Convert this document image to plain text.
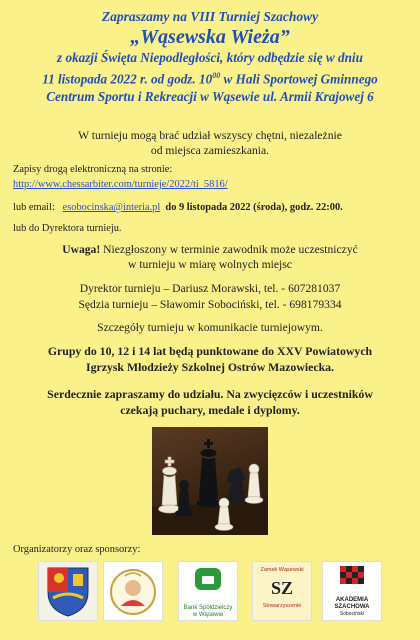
Zapraszamy na VIII Turniej Szachowy
„Wąsewska Wieża”
z okazji Święta Niepodległości, który odbędzie się w dniu
11 listopada 2022 r. od godz. $10^{00}$ w Hali Sportowej Gminnego
Centrum Sportu i Rekreacji w Wąsewie ul. Armii Krajowej 6
W turnieju mogą brać udział wszyscy chętni, niezależnie
od miejsca zamieszkania.
Zapisy drogą elektroniczną na stronie:
http://www.chessarbiter.com/turnieje/2022/ti_5816/
lub email: esobocinska@interia.pl do 9 listopada 2022 (środa), godz. 22:00.
lub do Dyrektora turnieju.
Uwaga! Niezgłoszony w terminie zawodnik może uczestniczyć
w turnieju w miarę wolnych miejsc
Dyrektor turnieju – Dariusz Morawski, tel. - 607281037
Sędzia turnieju – Sławomir Sobociński, tel. - 698179334
Szczegóły turnieju w komunikacie turniejowym.
Grupy do 10, 12 i 14 lat będą punktowane do XXV Powiatowych
Igrzysk Młodzieży Szkolnej Ostrów Mazowiecka.
Serdecznie zapraszamy do udziału. Na zwycięzców i uczestników
czekają puchary, medale i dyplomy.
Organizatorzy oraz sponsorzy:
Bank Spółdzielczy
w Wąsewie
Zamek Wąsewski
SZ
Stowarzyszenie
AKADEMIA
SZACHOWA
Sobociński
